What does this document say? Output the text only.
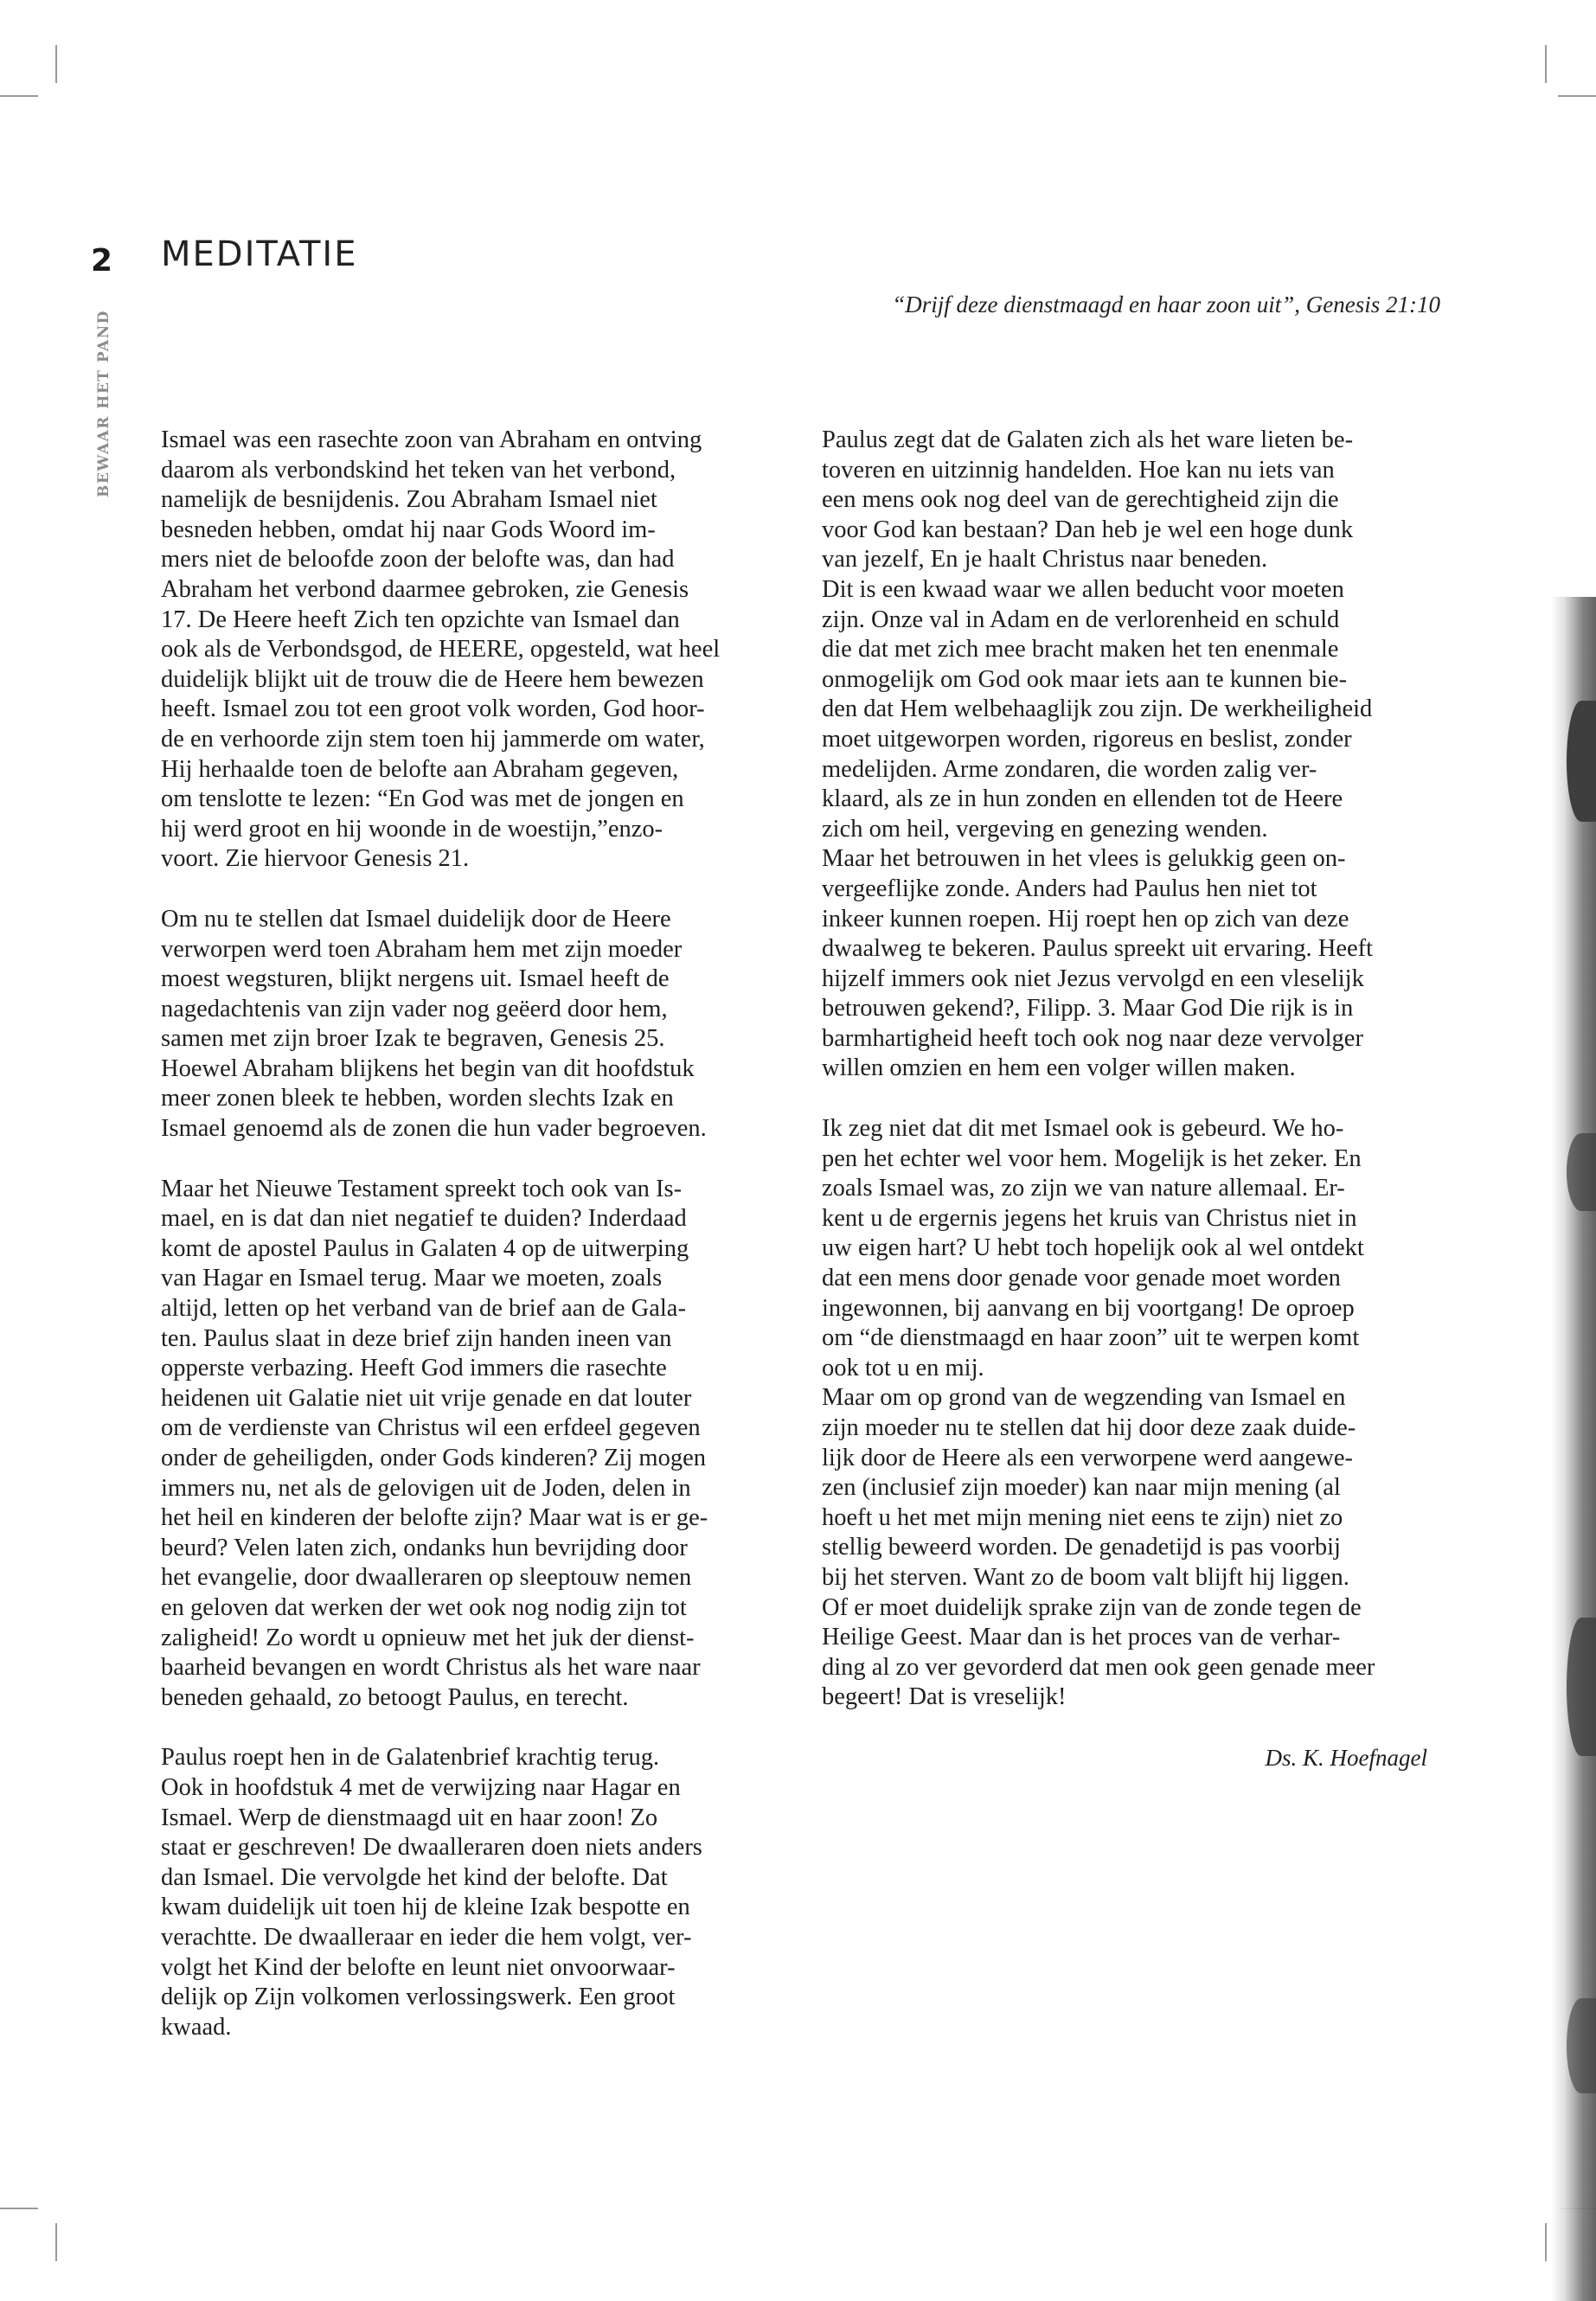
2 MEDITATIE
BEWAAR HET PAND
“Drijf deze dienstmaagd en haar zoon uit”, Genesis 21:10

Ismael was een rasechte zoon van Abraham en ontving
daarom als verbondskind het teken van het verbond,
namelijk de besnijdenis. Zou Abraham Ismael niet
besneden hebben, omdat hij naar Gods Woord im-
mers niet de beloofde zoon der belofte was, dan had
Abraham het verbond daarmee gebroken, zie Genesis
17. De Heere heeft Zich ten opzichte van Ismael dan
ook als de Verbondsgod, de HEERE, opgesteld, wat heel
duidelijk blijkt uit de trouw die de Heere hem bewezen
heeft. Ismael zou tot een groot volk worden, God hoor-
de en verhoorde zijn stem toen hij jammerde om water,
Hij herhaalde toen de belofte aan Abraham gegeven,
om tenslotte te lezen: “En God was met de jongen en
hij werd groot en hij woonde in de woestijn,”enzo-
voort. Zie hiervoor Genesis 21.

Om nu te stellen dat Ismael duidelijk door de Heere
verworpen werd toen Abraham hem met zijn moeder
moest wegsturen, blijkt nergens uit. Ismael heeft de
nagedachtenis van zijn vader nog geëerd door hem,
samen met zijn broer Izak te begraven, Genesis 25.
Hoewel Abraham blijkens het begin van dit hoofdstuk
meer zonen bleek te hebben, worden slechts Izak en
Ismael genoemd als de zonen die hun vader begroeven.

Maar het Nieuwe Testament spreekt toch ook van Is-
mael, en is dat dan niet negatief te duiden? Inderdaad
komt de apostel Paulus in Galaten 4 op de uitwerping
van Hagar en Ismael terug. Maar we moeten, zoals
altijd, letten op het verband van de brief aan de Gala-
ten. Paulus slaat in deze brief zijn handen ineen van
opperste verbazing. Heeft God immers die rasechte
heidenen uit Galatie niet uit vrije genade en dat louter
om de verdienste van Christus wil een erfdeel gegeven
onder de geheiligden, onder Gods kinderen? Zij mogen
immers nu, net als de gelovigen uit de Joden, delen in
het heil en kinderen der belofte zijn? Maar wat is er ge-
beurd? Velen laten zich, ondanks hun bevrijding door
het evangelie, door dwaalleraren op sleeptouw nemen
en geloven dat werken der wet ook nog nodig zijn tot
zaligheid! Zo wordt u opnieuw met het juk der dienst-
baarheid bevangen en wordt Christus als het ware naar
beneden gehaald, zo betoogt Paulus, en terecht.

Paulus roept hen in de Galatenbrief krachtig terug.
Ook in hoofdstuk 4 met de verwijzing naar Hagar en
Ismael. Werp de dienstmaagd uit en haar zoon! Zo
staat er geschreven! De dwaalleraren doen niets anders
dan Ismael. Die vervolgde het kind der belofte. Dat
kwam duidelijk uit toen hij de kleine Izak bespotte en
verachtte. De dwaalleraar en ieder die hem volgt, ver-
volgt het Kind der belofte en leunt niet onvoorwaar-
delijk op Zijn volkomen verlossingswerk. Een groot
kwaad.

Paulus zegt dat de Galaten zich als het ware lieten be-
toveren en uitzinnig handelden. Hoe kan nu iets van
een mens ook nog deel van de gerechtigheid zijn die
voor God kan bestaan? Dan heb je wel een hoge dunk
van jezelf, En je haalt Christus naar beneden.

Dit is een kwaad waar we allen beducht voor moeten
zijn. Onze val in Adam en de verlorenheid en schuld
die dat met zich mee bracht maken het ten enenmale
onmogelijk om God ook maar iets aan te kunnen bie-
den dat Hem welbehaaglijk zou zijn. De werkheiligheid
moet uitgeworpen worden, rigoreus en beslist, zonder
medelijden. Arme zondaren, die worden zalig ver-
klaard, als ze in hun zonden en ellenden tot de Heere
zich om heil, vergeving en genezing wenden.

Maar het betrouwen in het vlees is gelukkig geen on-
vergeeflijke zonde. Anders had Paulus hen niet tot
inkeer kunnen roepen. Hij roept hen op zich van deze
dwaalweg te bekeren. Paulus spreekt uit ervaring. Heeft
hijzelf immers ook niet Jezus vervolgd en een vleselijk
betrouwen gekend?, Filipp. 3. Maar God Die rijk is in
barmhartigheid heeft toch ook nog naar deze vervolger
willen omzien en hem een volger willen maken.

Ik zeg niet dat dit met Ismael ook is gebeurd. We ho-
pen het echter wel voor hem. Mogelijk is het zeker. En
zoals Ismael was, zo zijn we van nature allemaal. Er-
kent u de ergernis jegens het kruis van Christus niet in
uw eigen hart? U hebt toch hopelijk ook al wel ontdekt
dat een mens door genade voor genade moet worden
ingewonnen, bij aanvang en bij voortgang! De oproep
om “de dienstmaagd en haar zoon” uit te werpen komt
ook tot u en mij.

Maar om op grond van de wegzending van Ismael en
zijn moeder nu te stellen dat hij door deze zaak duide-
lijk door de Heere als een verworpene werd aangewe-
zen (inclusief zijn moeder) kan naar mijn mening (al
hoeft u het met mijn mening niet eens te zijn) niet zo
stellig beweerd worden. De genadetijd is pas voorbij
bij het sterven. Want zo de boom valt blijft hij liggen.
Of er moet duidelijk sprake zijn van de zonde tegen de
Heilige Geest. Maar dan is het proces van de verhar-
ding al zo ver gevorderd dat men ook geen genade meer
begeert! Dat is vreselijk!

Ds. K. Hoefnagel
